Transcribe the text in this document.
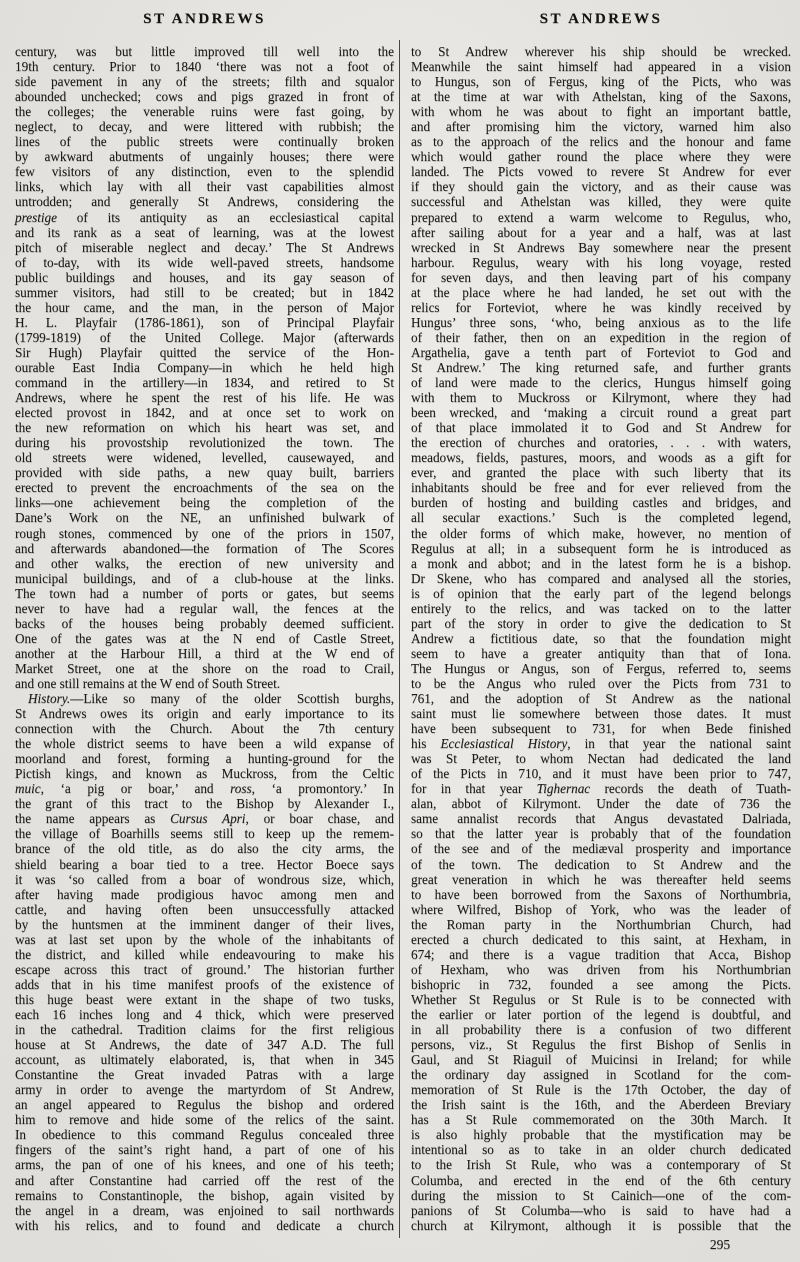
ST ANDREWS	ST ANDREWS
century, was but little improved till well into the
19th century. Prior to 1840 ‘there was not a foot of
side pavement in any of the streets; filth and squalor
abounded unchecked; cows and pigs grazed in front of
the colleges; the venerable ruins were fast going, by
neglect, to decay, and were littered with rubbish; the
lines of the public streets were continually broken
by awkward abutments of ungainly houses; there were
few visitors of any distinction, even to the splendid
links, which lay with all their vast capabilities almost
untrodden; and generally St Andrews, considering the
prestige of its antiquity as an ecclesiastical capital
and its rank as a seat of learning, was at the lowest
pitch of miserable neglect and decay.’ The St Andrews
of to-day, with its wide well-paved streets, handsome
public buildings and houses, and its gay season of
summer visitors, had still to be created; but in 1842
the hour came, and the man, in the person of Major
H. L. Playfair (1786-1861), son of Principal Playfair
(1799-1819) of the United College. Major (afterwards
Sir Hugh) Playfair quitted the service of the Hon-
ourable East India Company—in which he held high
command in the artillery—in 1834, and retired to St
Andrews, where he spent the rest of his life. He was
elected provost in 1842, and at once set to work on
the new reformation on which his heart was set, and
during his provostship revolutionized the town. The
old streets were widened, levelled, causewayed, and
provided with side paths, a new quay built, barriers
erected to prevent the encroachments of the sea on the
links—one achievement being the completion of the
Dane’s Work on the NE, an unfinished bulwark of
rough stones, commenced by one of the priors in 1507,
and afterwards abandoned—the formation of The Scores
and other walks, the erection of new university and
municipal buildings, and of a club-house at the links.
The town had a number of ports or gates, but seems
never to have had a regular wall, the fences at the
backs of the houses being probably deemed sufficient.
One of the gates was at the N end of Castle Street,
another at the Harbour Hill, a third at the W end of
Market Street, one at the shore on the road to Crail,
and one still remains at the W end of South Street.
History.—Like so many of the older Scottish burghs,
St Andrews owes its origin and early importance to its
connection with the Church. About the 7th century
the whole district seems to have been a wild expanse of
moorland and forest, forming a hunting-ground for the
Pictish kings, and known as Muckross, from the Celtic
muic, ‘a pig or boar,’ and ross, ‘a promontory.’ In
the grant of this tract to the Bishop by Alexander I.,
the name appears as Cursus Apri, or boar chase, and
the village of Boarhills seems still to keep up the remem-
brance of the old title, as do also the city arms, the
shield bearing a boar tied to a tree. Hector Boece says
it was ‘so called from a boar of wondrous size, which,
after having made prodigious havoc among men and
cattle, and having often been unsuccessfully attacked
by the huntsmen at the imminent danger of their lives,
was at last set upon by the whole of the inhabitants of
the district, and killed while endeavouring to make his
escape across this tract of ground.’ The historian further
adds that in his time manifest proofs of the existence of
this huge beast were extant in the shape of two tusks,
each 16 inches long and 4 thick, which were preserved
in the cathedral. Tradition claims for the first religious
house at St Andrews, the date of 347 A.D. The full
account, as ultimately elaborated, is, that when in 345
Constantine the Great invaded Patras with a large
army in order to avenge the martyrdom of St Andrew,
an angel appeared to Regulus the bishop and ordered
him to remove and hide some of the relics of the saint.
In obedience to this command Regulus concealed three
fingers of the saint’s right hand, a part of one of his
arms, the pan of one of his knees, and one of his teeth;
and after Constantine had carried off the rest of the
remains to Constantinople, the bishop, again visited by
the angel in a dream, was enjoined to sail northwards
with his relics, and to found and dedicate a church
to St Andrew wherever his ship should be wrecked.
Meanwhile the saint himself had appeared in a vision
to Hungus, son of Fergus, king of the Picts, who was
at the time at war with Athelstan, king of the Saxons,
with whom he was about to fight an important battle,
and after promising him the victory, warned him also
as to the approach of the relics and the honour and fame
which would gather round the place where they were
landed. The Picts vowed to revere St Andrew for ever
if they should gain the victory, and as their cause was
successful and Athelstan was killed, they were quite
prepared to extend a warm welcome to Regulus, who,
after sailing about for a year and a half, was at last
wrecked in St Andrews Bay somewhere near the present
harbour. Regulus, weary with his long voyage, rested
for seven days, and then leaving part of his company
at the place where he had landed, he set out with the
relics for Forteviot, where he was kindly received by
Hungus’ three sons, ‘who, being anxious as to the life
of their father, then on an expedition in the region of
Argathelia, gave a tenth part of Forteviot to God and
St Andrew.’ The king returned safe, and further grants
of land were made to the clerics, Hungus himself going
with them to Muckross or Kilrymont, where they had
been wrecked, and ‘making a circuit round a great part
of that place immolated it to God and St Andrew for
the erection of churches and oratories, . . . with waters,
meadows, fields, pastures, moors, and woods as a gift for
ever, and granted the place with such liberty that its
inhabitants should be free and for ever relieved from the
burden of hosting and building castles and bridges, and
all secular exactions.’ Such is the completed legend,
the older forms of which make, however, no mention of
Regulus at all; in a subsequent form he is introduced as
a monk and abbot; and in the latest form he is a bishop.
Dr Skene, who has compared and analysed all the stories,
is of opinion that the early part of the legend belongs
entirely to the relics, and was tacked on to the latter
part of the story in order to give the dedication to St
Andrew a fictitious date, so that the foundation might
seem to have a greater antiquity than that of Iona.
The Hungus or Angus, son of Fergus, referred to, seems
to be the Angus who ruled over the Picts from 731 to
761, and the adoption of St Andrew as the national
saint must lie somewhere between those dates. It must
have been subsequent to 731, for when Bede finished
his Ecclesiastical History, in that year the national saint
was St Peter, to whom Nectan had dedicated the land
of the Picts in 710, and it must have been prior to 747,
for in that year Tighernac records the death of Tuath-
alan, abbot of Kilrymont. Under the date of 736 the
same annalist records that Angus devastated Dalriada,
so that the latter year is probably that of the foundation
of the see and of the mediæval prosperity and importance
of the town. The dedication to St Andrew and the
great veneration in which he was thereafter held seems
to have been borrowed from the Saxons of Northumbria,
where Wilfred, Bishop of York, who was the leader of
the Roman party in the Northumbrian Church, had
erected a church dedicated to this saint, at Hexham, in
674; and there is a vague tradition that Acca, Bishop
of Hexham, who was driven from his Northumbrian
bishopric in 732, founded a see among the Picts.
Whether St Regulus or St Rule is to be connected with
the earlier or later portion of the legend is doubtful, and
in all probability there is a confusion of two different
persons, viz., St Regulus the first Bishop of Senlis in
Gaul, and St Riaguil of Muicinsi in Ireland; for while
the ordinary day assigned in Scotland for the com-
memoration of St Rule is the 17th October, the day of
the Irish saint is the 16th, and the Aberdeen Breviary
has a St Rule commemorated on the 30th March. It
is also highly probable that the mystification may be
intentional so as to take in an older church dedicated
to the Irish St Rule, who was a contemporary of St
Columba, and erected in the end of the 6th century
during the mission to St Cainich—one of the com-
panions of St Columba—who is said to have had a
church at Kilrymont, although it is possible that the
295
